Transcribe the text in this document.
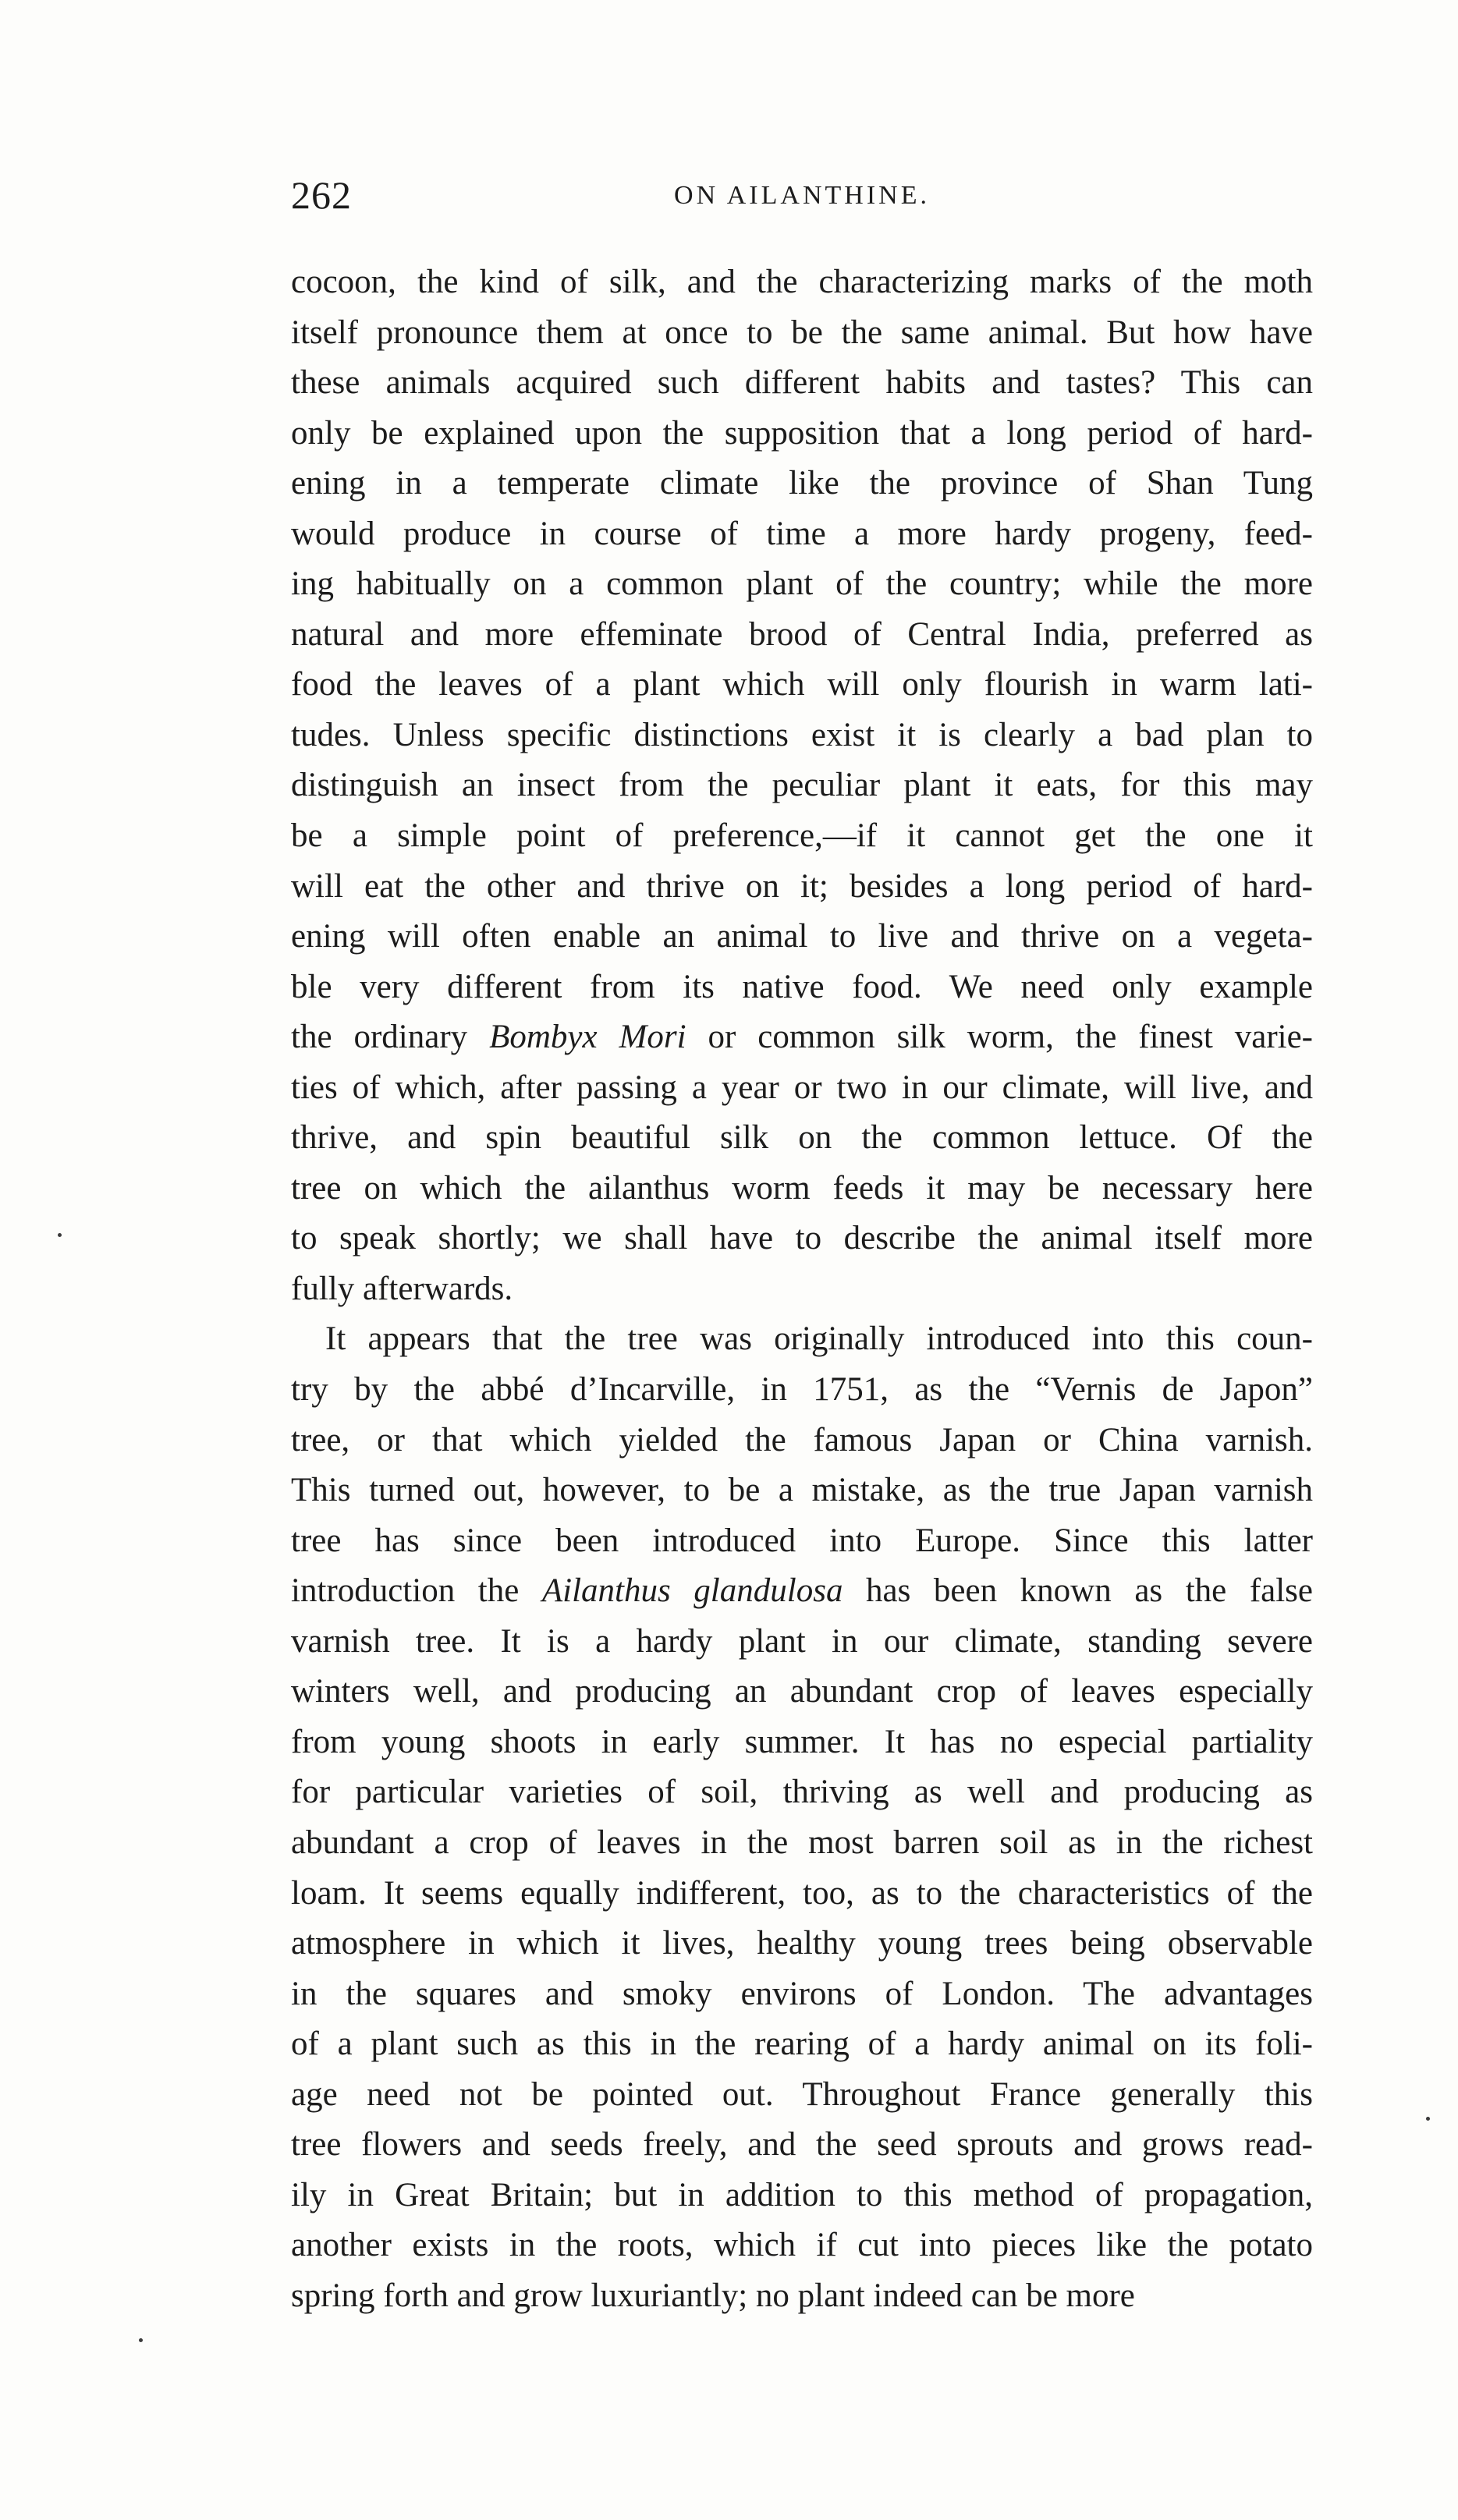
262	ON AILANTHINE.
cocoon, the kind of silk, and the characterizing marks of the moth
itself pronounce them at once to be the same animal. But how have
these animals acquired such different habits and tastes? This can
only be explained upon the supposition that a long period of hard-
ening in a temperate climate like the province of Shan Tung
would produce in course of time a more hardy progeny, feed-
ing habitually on a common plant of the country; while the more
natural and more effeminate brood of Central India, preferred as
food the leaves of a plant which will only flourish in warm lati-
tudes. Unless specific distinctions exist it is clearly a bad plan to
distinguish an insect from the peculiar plant it eats, for this may
be a simple point of preference,—if it cannot get the one it
will eat the other and thrive on it; besides a long period of hard-
ening will often enable an animal to live and thrive on a vegeta-
ble very different from its native food. We need only example
the ordinary Bombyx Mori or common silk worm, the finest varie-
ties of which, after passing a year or two in our climate, will live, and
thrive, and spin beautiful silk on the common lettuce. Of the
tree on which the ailanthus worm feeds it may be necessary here
to speak shortly; we shall have to describe the animal itself more
fully afterwards.
It appears that the tree was originally introduced into this coun-
try by the abbé d’Incarville, in 1751, as the “Vernis de Japon”
tree, or that which yielded the famous Japan or China varnish.
This turned out, however, to be a mistake, as the true Japan varnish
tree has since been introduced into Europe. Since this latter
introduction the Ailanthus glandulosa has been known as the false
varnish tree. It is a hardy plant in our climate, standing severe
winters well, and producing an abundant crop of leaves especially
from young shoots in early summer. It has no especial partiality
for particular varieties of soil, thriving as well and producing as
abundant a crop of leaves in the most barren soil as in the richest
loam. It seems equally indifferent, too, as to the characteristics of the
atmosphere in which it lives, healthy young trees being observable
in the squares and smoky environs of London. The advantages
of a plant such as this in the rearing of a hardy animal on its foli-
age need not be pointed out. Throughout France generally this
tree flowers and seeds freely, and the seed sprouts and grows read-
ily in Great Britain; but in addition to this method of propagation,
another exists in the roots, which if cut into pieces like the potato
spring forth and grow luxuriantly; no plant indeed can be more
